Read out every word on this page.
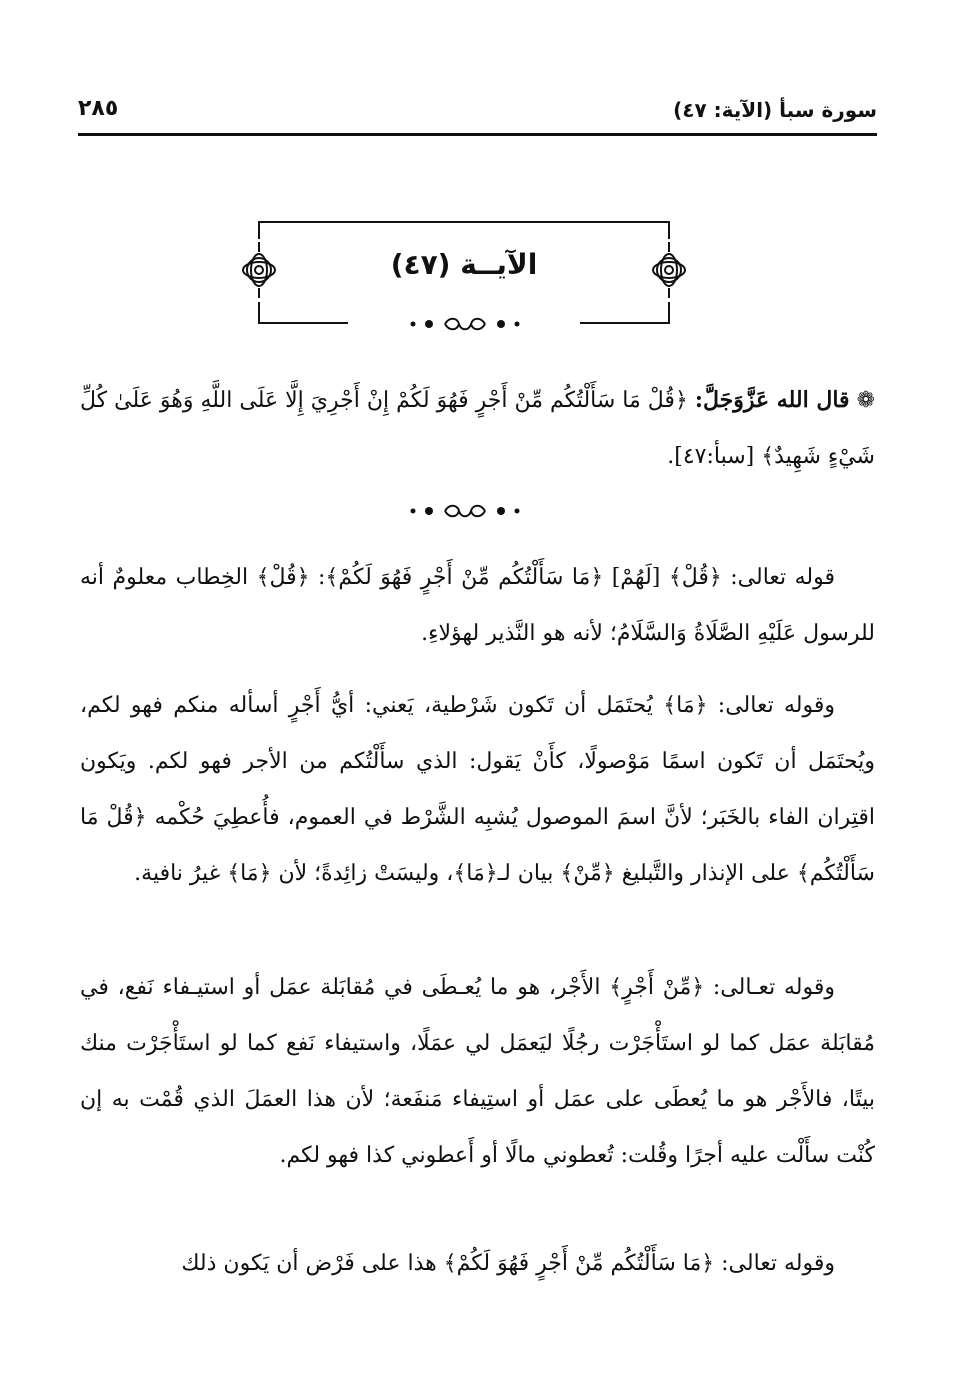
سورة سبأ (الآية: ٤٧)
٢٨٥
الآيــة (٤٧)
❁ قال الله عَزَّوَجَلَّ: ﴿قُلْ مَا سَأَلْتُكُم مِّنْ أَجْرٍ فَهُوَ لَكُمْ إِنْ أَجْرِيَ إِلَّا عَلَى اللَّهِ وَهُوَ عَلَىٰ كُلِّ شَيْءٍ شَهِيدٌ﴾ [سبأ:٤٧].

قوله تعالى: ﴿قُلْ﴾ [لَهُمْ] ﴿مَا سَأَلْتُكُم مِّنْ أَجْرٍ فَهُوَ لَكُمْ﴾: ﴿قُلْ﴾ الخِطاب معلومٌ أنه للرسول عَلَيْهِ الصَّلَاةُ وَالسَّلَامُ؛ لأنه هو النَّذير لهؤلاءِ.

وقوله تعالى: ﴿مَا﴾ يُحتَمَل أن تَكون شَرْطية، يَعني: أيُّ أَجْرٍ أسأله منكم فهو لكم، ويُحتَمَل أن تَكون اسمًا مَوْصولًا، كأَنْ يَقول: الذي سأَلْتُكم من الأجر فهو لكم. ويَكون اقتِران الفاء بالخَبَر؛ لأنَّ اسمَ الموصول يُشبِه الشَّرْط في العموم، فأُعطِيَ حُكْمه ﴿قُلْ مَا سَأَلْتُكُم﴾ على الإنذار والتَّبليغ ﴿مِّنْ﴾ بيان لـ﴿مَا﴾، وليسَتْ زائِدةً؛ لأن ﴿مَا﴾ غيرُ نافية.

وقوله تعـالى: ﴿مِّنْ أَجْرٍ﴾ الأَجْر، هو ما يُعـطَى في مُقابَلة عمَل أو استيـفاء نَفع، في مُقابَلة عمَل كما لو استَأْجَرْت رجُلًا ليَعمَل لي عمَلًا، واستيفاء نَفع كما لو استَأْجَرْت منك بيتًا، فالأَجْر هو ما يُعطَى على عمَل أو استِيفاء مَنفَعة؛ لأن هذا العمَلَ الذي قُمْت به إن كُنْت سأَلْت عليه أجرًا وقُلت: تُعطوني مالًا أو أَعطوني كذا فهو لكم.

وقوله تعالى: ﴿مَا سَأَلْتُكُم مِّنْ أَجْرٍ فَهُوَ لَكُمْ﴾ هذا على فَرْض أن يَكون ذلك
